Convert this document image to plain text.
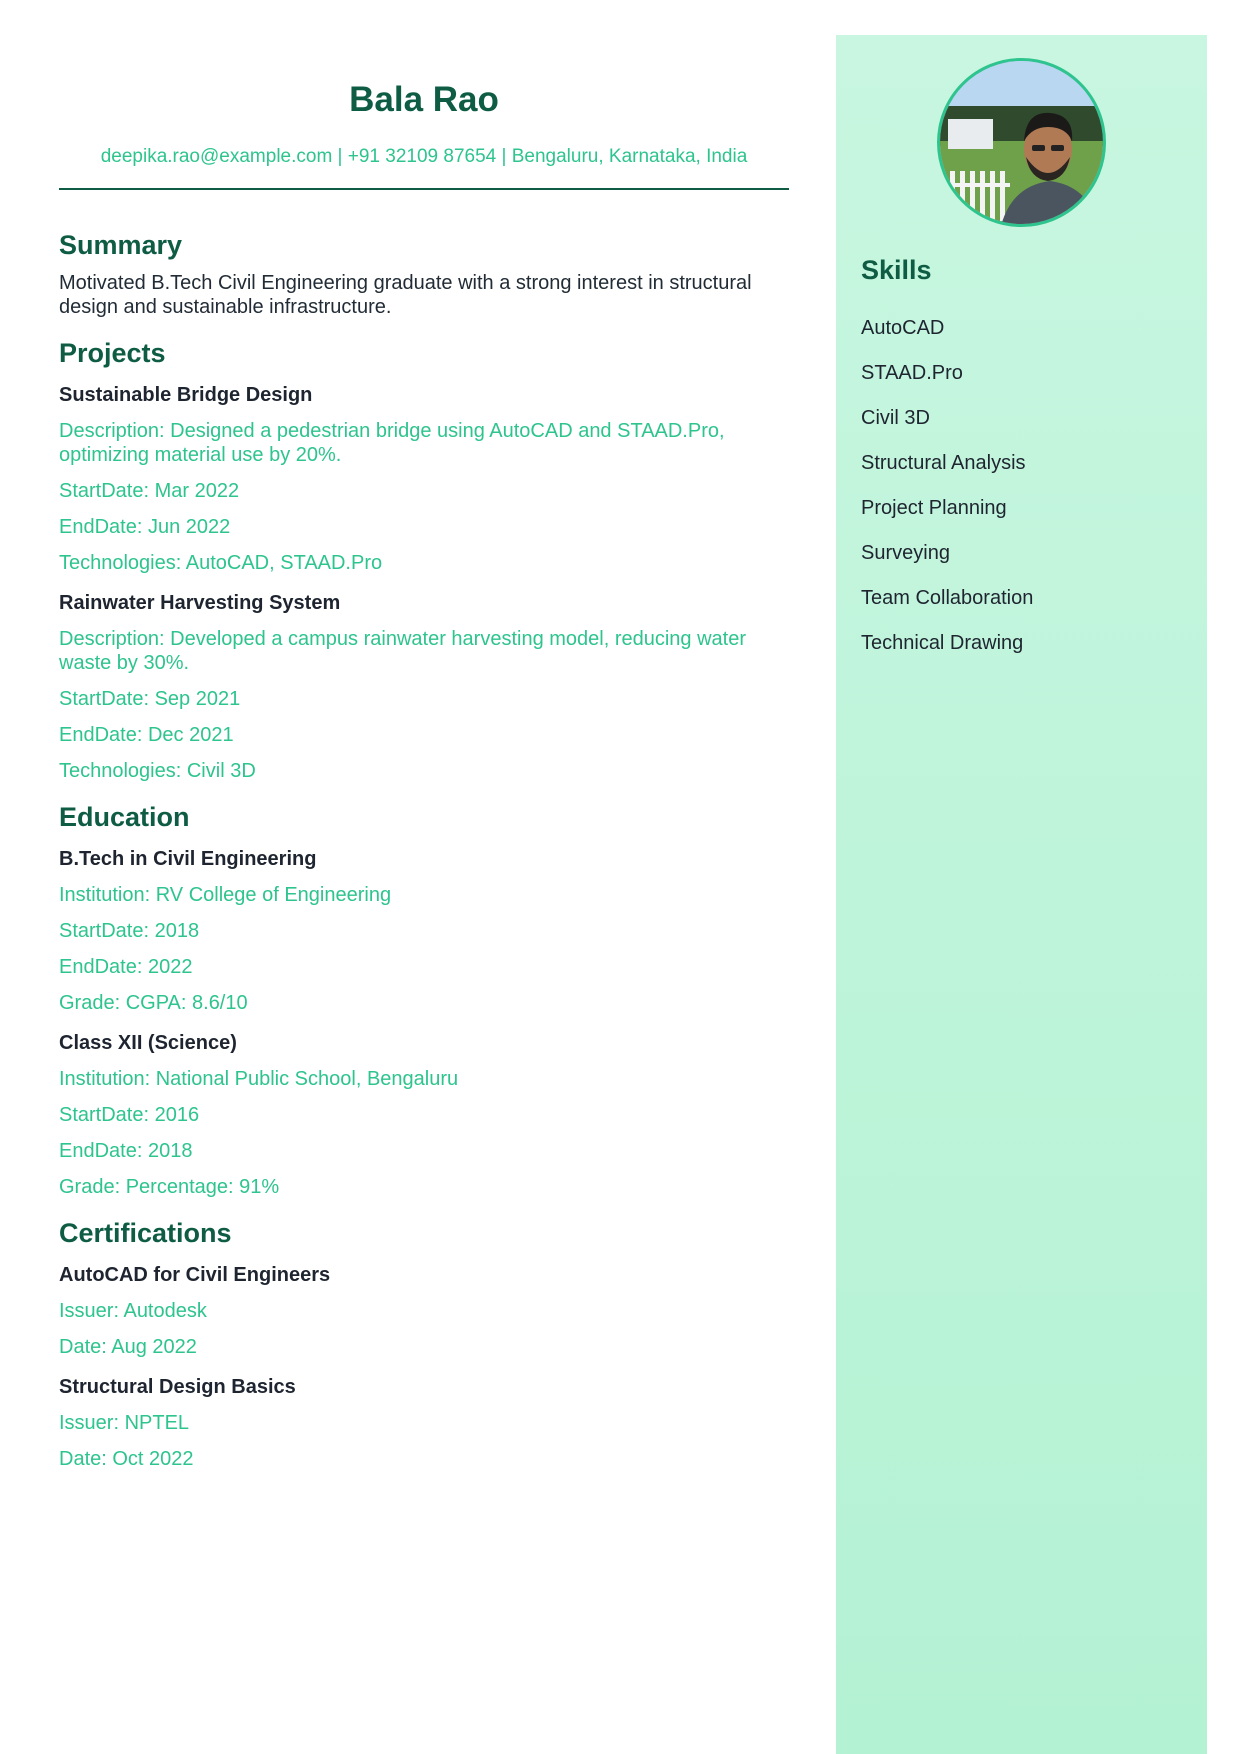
Bala Rao
deepika.rao@example.com | +91 32109 87654 | Bengaluru, Karnataka, India
Summary
Motivated B.Tech Civil Engineering graduate with a strong interest in structural design and sustainable infrastructure.
Projects
Sustainable Bridge Design
Description: Designed a pedestrian bridge using AutoCAD and STAAD.Pro, optimizing material use by 20%.
StartDate: Mar 2022
EndDate: Jun 2022
Technologies: AutoCAD, STAAD.Pro
Rainwater Harvesting System
Description: Developed a campus rainwater harvesting model, reducing water waste by 30%.
StartDate: Sep 2021
EndDate: Dec 2021
Technologies: Civil 3D
Education
B.Tech in Civil Engineering
Institution: RV College of Engineering
StartDate: 2018
EndDate: 2022
Grade: CGPA: 8.6/10
Class XII (Science)
Institution: National Public School, Bengaluru
StartDate: 2016
EndDate: 2018
Grade: Percentage: 91%
Certifications
AutoCAD for Civil Engineers
Issuer: Autodesk
Date: Aug 2022
Structural Design Basics
Issuer: NPTEL
Date: Oct 2022
Skills
AutoCAD
STAAD.Pro
Civil 3D
Structural Analysis
Project Planning
Surveying
Team Collaboration
Technical Drawing
